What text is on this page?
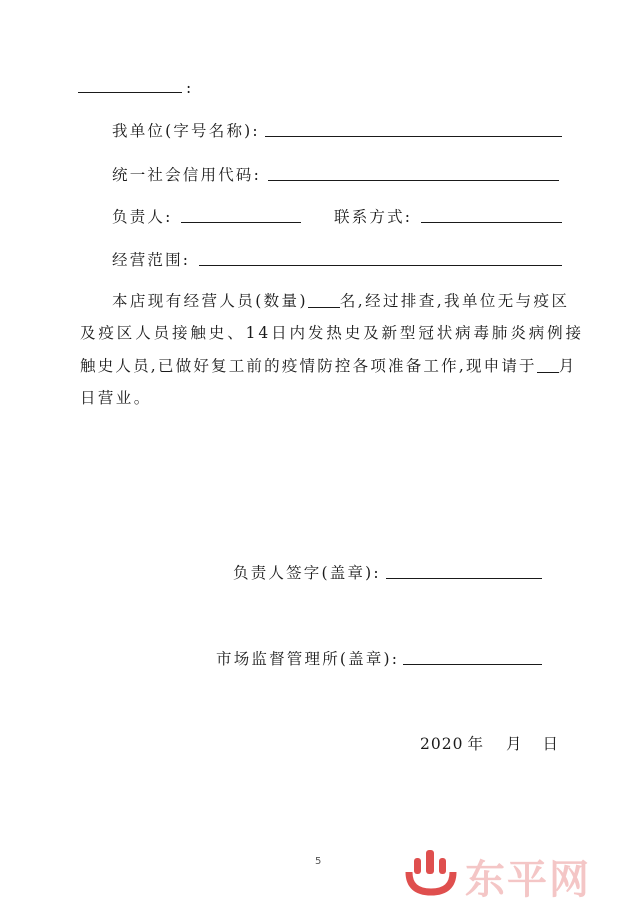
:
我单位(字号名称):
统一社会信用代码:
负责人:	联系方式:
经营范围:
本店现有经营人员(数量) 名,经过排查,我单位无与疫区
及疫区人员接触史、14日内发热史及新型冠状病毒肺炎病例接
触史人员,已做好复工前的疫情防控各项准备工作,现申请于 月
日营业。
负责人签字(盖章):
市场监督管理所(盖章):
2020 年 月 日
5	东平网
